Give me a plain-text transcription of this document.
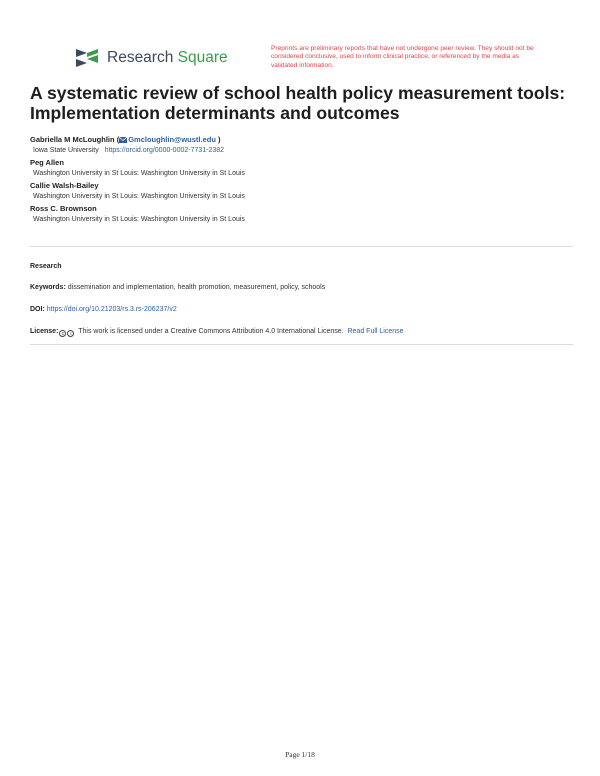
Research Square
Preprints are preliminary reports that have not undergone peer review. They should not be considered conclusive, used to inform clinical practice, or referenced by the media as validated information.
A systematic review of school health policy measurement tools: Implementation determinants and outcomes
Gabriella M McLoughlin ( Gmcloughlin@wustl.edu )
Iowa State University https://orcid.org/0000-0002-7731-2382
Peg Allen
Washington University in St Louis: Washington University in St Louis
Callie Walsh-Bailey
Washington University in St Louis: Washington University in St Louis
Ross C. Brownson
Washington University in St Louis: Washington University in St Louis
Research
Keywords: dissemination and implementation, health promotion, measurement, policy, schools
DOI: https://doi.org/10.21203/rs.3.rs-206237/v2
License: c	i This work is licensed under a Creative Commons Attribution 4.0 International License. Read Full License
Page 1/18
